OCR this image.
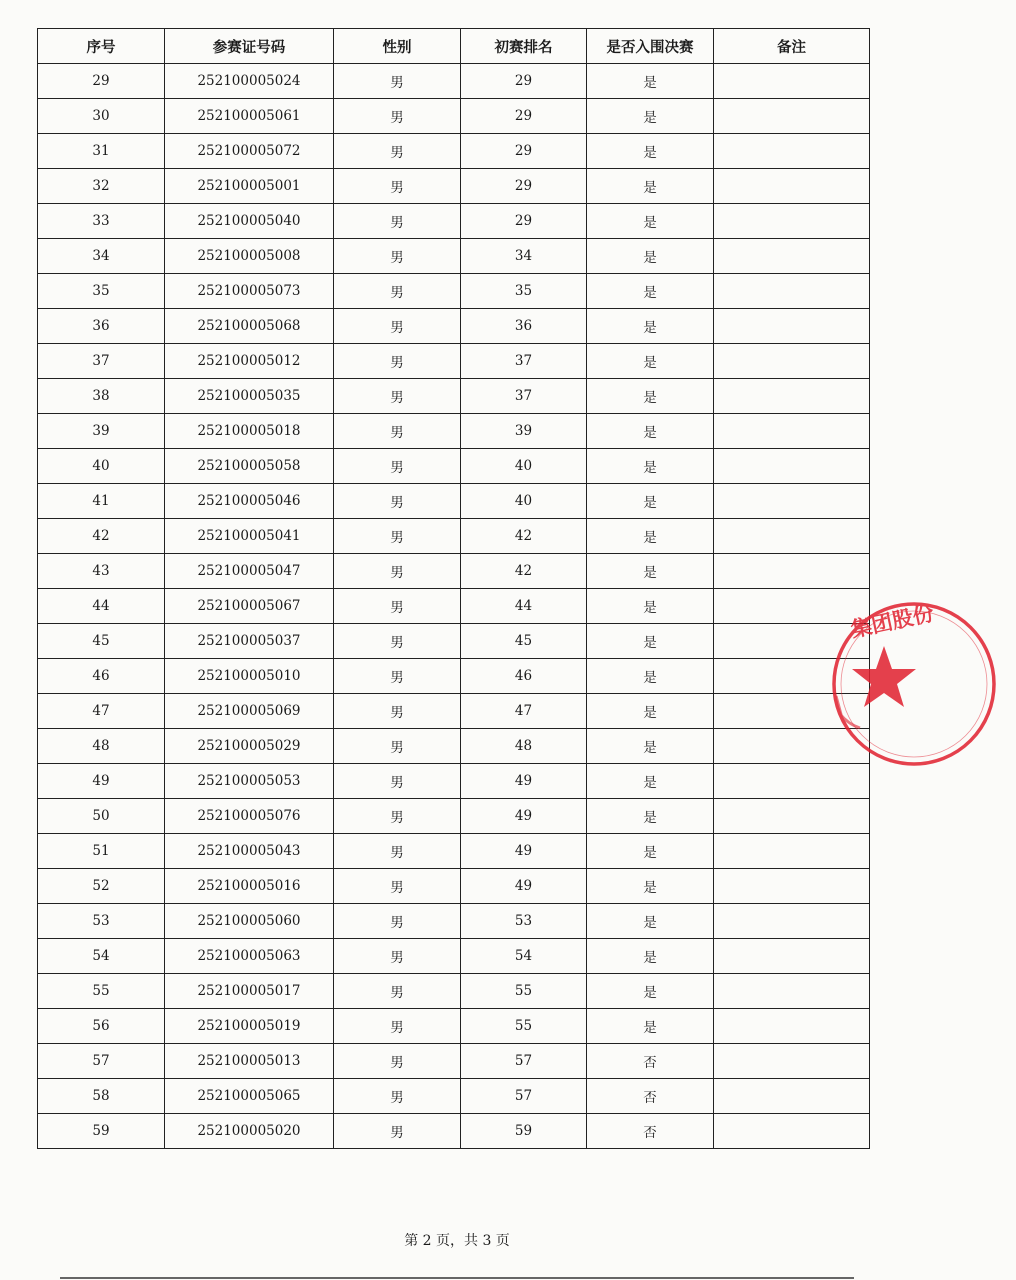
序号	参赛证号码	性别	初赛排名	是否入围决赛	备注
29	252100005024	男	29	是	
30	252100005061	男	29	是	
31	252100005072	男	29	是	
32	252100005001	男	29	是	
33	252100005040	男	29	是	
34	252100005008	男	34	是	
35	252100005073	男	35	是	
36	252100005068	男	36	是	
37	252100005012	男	37	是	
38	252100005035	男	37	是	
39	252100005018	男	39	是	
40	252100005058	男	40	是	
41	252100005046	男	40	是	
42	252100005041	男	42	是	
43	252100005047	男	42	是	
44	252100005067	男	44	是	
45	252100005037	男	45	是	
46	252100005010	男	46	是	
47	252100005069	男	47	是	
48	252100005029	男	48	是	
49	252100005053	男	49	是	
50	252100005076	男	49	是	
51	252100005043	男	49	是	
52	252100005016	男	49	是	
53	252100005060	男	53	是	
54	252100005063	男	54	是	
55	252100005017	男	55	是	
56	252100005019	男	55	是	
57	252100005013	男	57	否	
58	252100005065	男	57	否	
59	252100005020	男	59	否	
第 2 页，共 3 页
集团股份
